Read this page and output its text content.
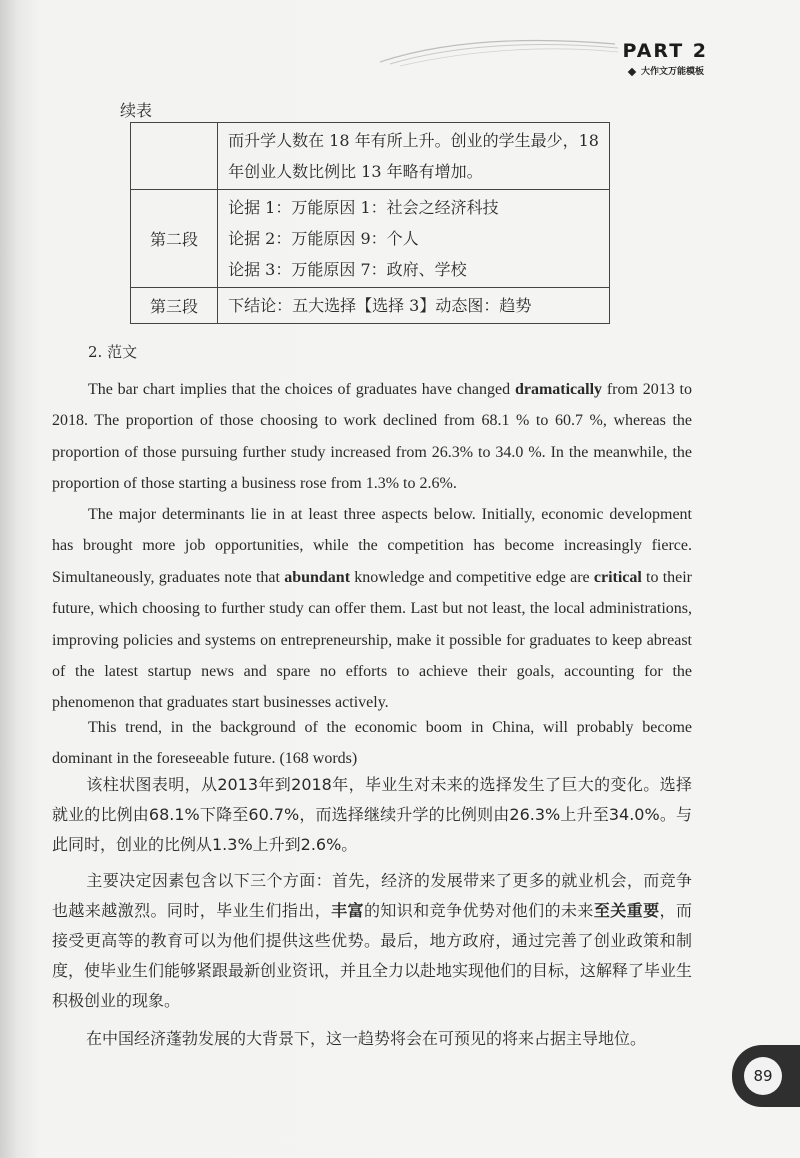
PART 2
大作文万能模板
续表

	而升学人数在 18 年有所上升。创业的学生最少，18
年创业人数比例比 13 年略有增加。

第二段	论据 1：万能原因 1：社会之经济科技
论据 2：万能原因 9：个人
论据 3：万能原因 7：政府、学校

第三段	下结论：五大选择【选择 3】动态图：趋势
2. 范文
The bar chart implies that the choices of graduates have changed dramatically from 2013 to 2018. The proportion of those choosing to work declined from 68.1 % to 60.7 %, whereas the proportion of those pursuing further study increased from 26.3% to 34.0 %. In the meanwhile, the proportion of those starting a business rose from 1.3% to 2.6%.
The major determinants lie in at least three aspects below. Initially, economic development has brought more job opportunities, while the competition has become increasingly fierce. Simultaneously, graduates note that abundant knowledge and competitive edge are critical to their future, which choosing to further study can offer them. Last but not least, the local administrations, improving policies and systems on entrepreneurship, make it possible for graduates to keep abreast of the latest startup news and spare no efforts to achieve their goals, accounting for the phenomenon that graduates start businesses actively.
This trend, in the background of the economic boom in China, will probably become dominant in the foreseeable future. (168 words)
该柱状图表明，从2013年到2018年，毕业生对未来的选择发生了巨大的变化。选择就业的比例由68.1%下降至60.7%，而选择继续升学的比例则由26.3%上升至34.0%。与此同时，创业的比例从1.3%上升到2.6%。
主要决定因素包含以下三个方面：首先，经济的发展带来了更多的就业机会，而竞争也越来越激烈。同时，毕业生们指出，丰富的知识和竞争优势对他们的未来至关重要，而接受更高等的教育可以为他们提供这些优势。最后，地方政府，通过完善了创业政策和制度，使毕业生们能够紧跟最新创业资讯，并且全力以赴地实现他们的目标，这解释了毕业生积极创业的现象。
在中国经济蓬勃发展的大背景下，这一趋势将会在可预见的将来占据主导地位。
89
